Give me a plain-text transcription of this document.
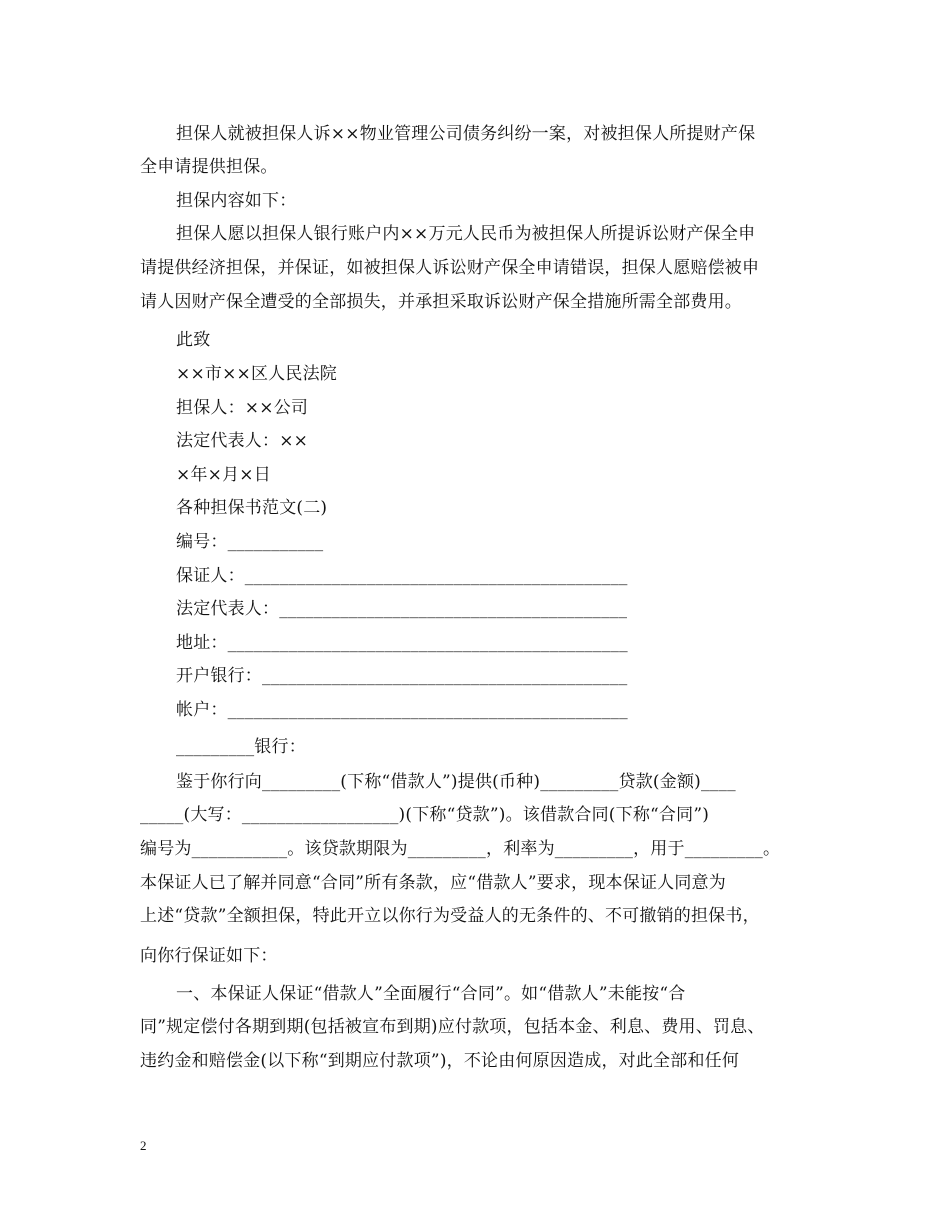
担保人就被担保人诉××物业管理公司债务纠纷一案，对被担保人所提财产保
全申请提供担保。
担保内容如下：
担保人愿以担保人银行账户内××万元人民币为被担保人所提诉讼财产保全申
请提供经济担保，并保证，如被担保人诉讼财产保全申请错误，担保人愿赔偿被申
请人因财产保全遭受的全部损失，并承担采取诉讼财产保全措施所需全部费用。
此致
××市××区人民法院
担保人：××公司
法定代表人：××
×年×月×日
各种担保书范文(二)
编号：___________
保证人：____________________________________________
法定代表人：________________________________________
地址：______________________________________________
开户银行：__________________________________________
帐户：______________________________________________
_________银行：
鉴于你行向_________(下称“借款人”)提供(币种)_________贷款(金额)____
_____(大写：__________________)(下称“贷款”)。该借款合同(下称“合同”)
编号为___________。该贷款期限为_________，利率为_________，用于_________。
本保证人已了解并同意“合同”所有条款，应“借款人”要求，现本保证人同意为
上述“贷款”全额担保，特此开立以你行为受益人的无条件的、不可撤销的担保书，
向你行保证如下：
一、本保证人保证“借款人”全面履行“合同”。如“借款人”未能按“合
同”规定偿付各期到期(包括被宣布到期)应付款项，包括本金、利息、费用、罚息、
违约金和赔偿金(以下称“到期应付款项”)，不论由何原因造成，对此全部和任何
2
